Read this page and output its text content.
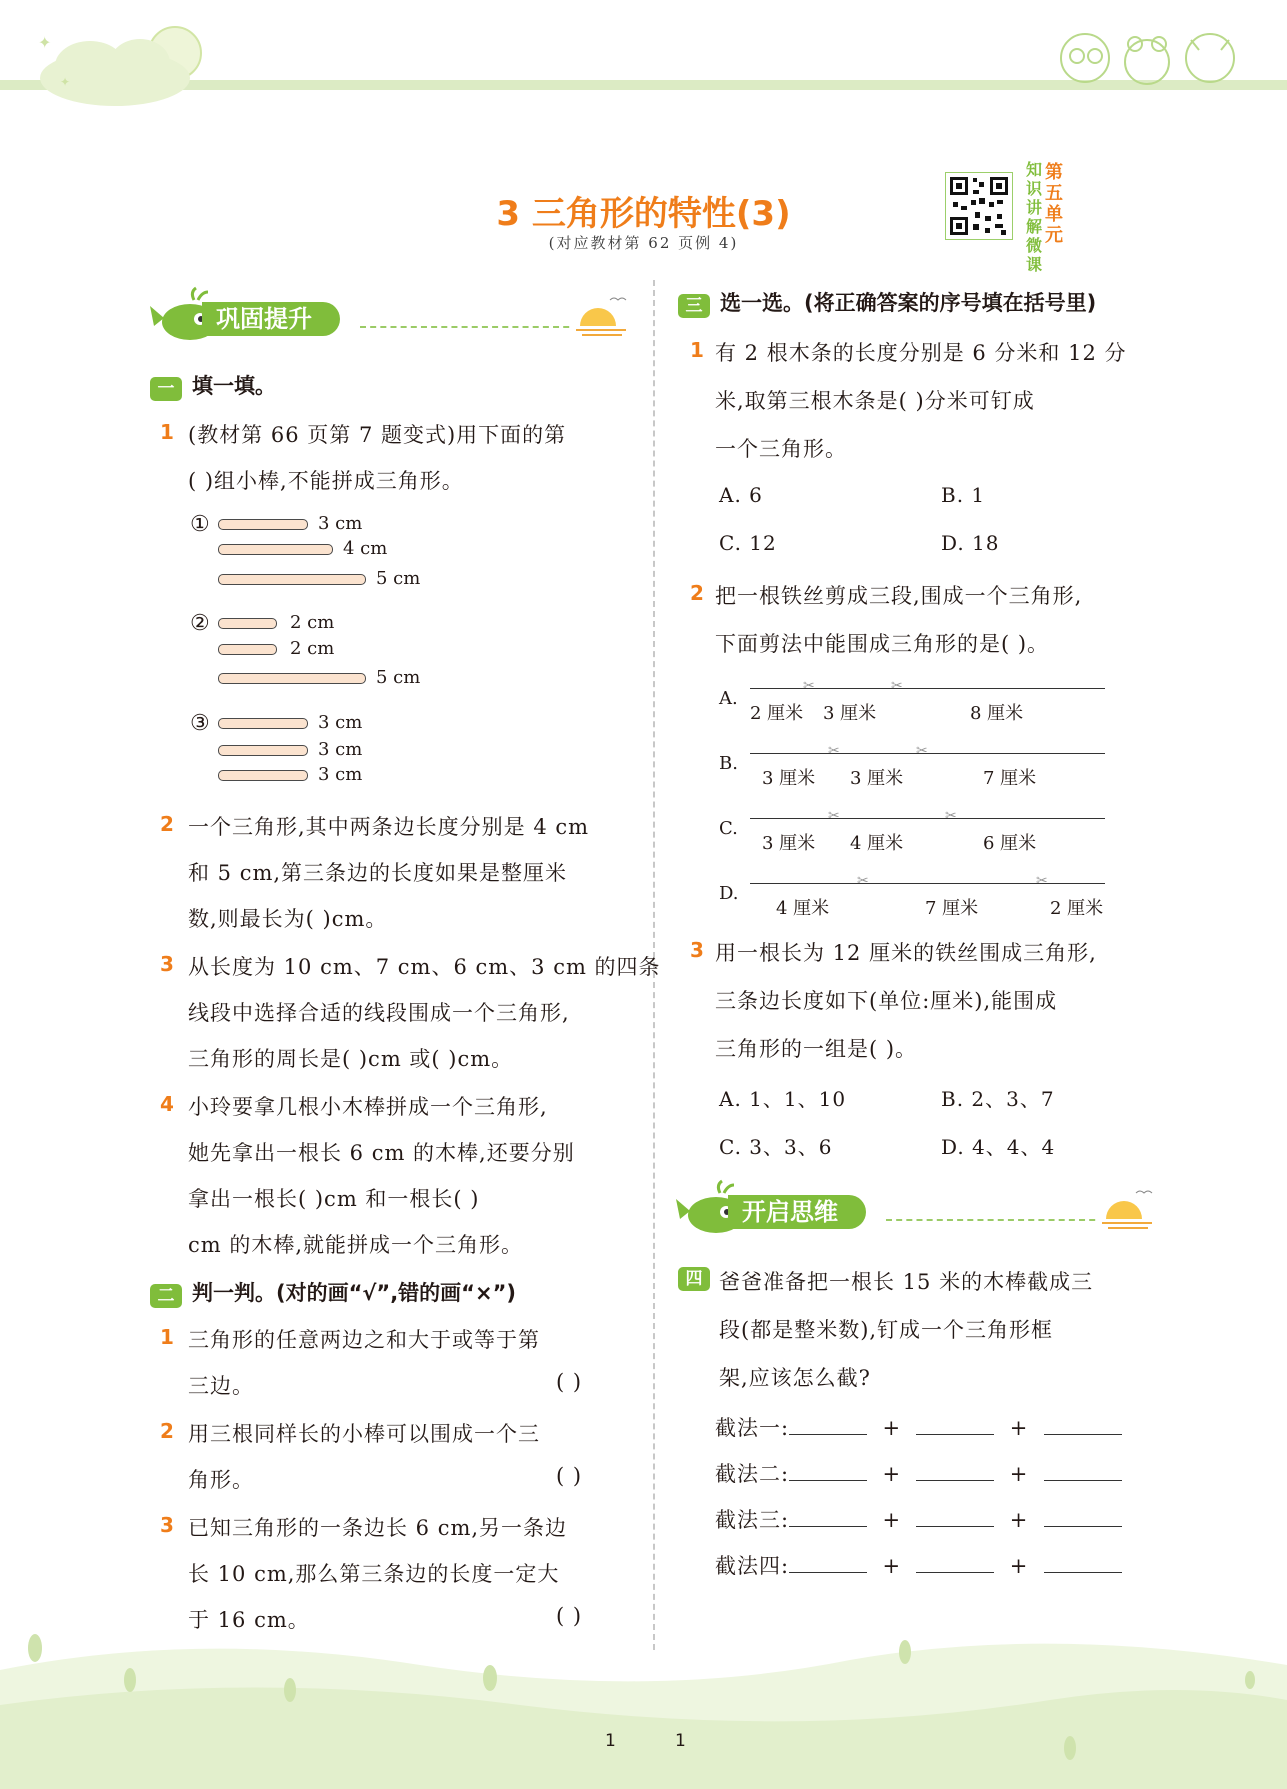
✦
✦
3 三角形的特性(3)
(对应教材第 62 页例 4)
知识讲解微课
第五单元
巩固提升
一 填一填。
1 (教材第 66 页第 7 题变式)用下面的第
( )组小棒,不能拼成三角形。
①	3 cm
4 cm
5 cm
②	2 cm
2 cm
5 cm
③	3 cm
3 cm
3 cm
2 一个三角形,其中两条边长度分别是 4 cm
和 5 cm,第三条边的长度如果是整厘米
数,则最长为( )cm。
3 从长度为 10 cm、7 cm、6 cm、3 cm 的四条
线段中选择合适的线段围成一个三角形,
三角形的周长是( )cm 或( )cm。
4 小玲要拿几根小木棒拼成一个三角形,
她先拿出一根长 6 cm 的木棒,还要分别
拿出一根长( )cm 和一根长( )
cm 的木棒,就能拼成一个三角形。
二 判一判。(对的画“√”,错的画“×”)
1 三角形的任意两边之和大于或等于第
三边。	( )
2 用三根同样长的小棒可以围成一个三
角形。	( )
3 已知三角形的一条边长 6 cm,另一条边
长 10 cm,那么第三条边的长度一定大
于 16 cm。	( )
三 选一选。(将正确答案的序号填在括号里)
1 有 2 根木条的长度分别是 6 分米和 12 分
米,取第三根木条是( )分米可钉成
一个三角形。
A. 6	B. 1
C. 12	D. 18
2 把一根铁丝剪成三段,围成一个三角形,
下面剪法中能围成三角形的是( )。
A.
✂	✂
2 厘米 3 厘米	8 厘米
B.
✂	✂
3 厘米 3 厘米	7 厘米
C.
✂	✂
3 厘米 4 厘米	6 厘米
D.
✂	✂
4 厘米	7 厘米	2 厘米
3 用一根长为 12 厘米的铁丝围成三角形,
三条边长度如下(单位:厘米),能围成
三角形的一组是( )。
A. 1、1、10	B. 2、3、7
C. 3、3、6	D. 4、4、4
开启思维
四 爸爸准备把一根长 15 米的木棒截成三
段(都是整米数),钉成一个三角形框
架,应该怎么截?
截法一:	+	+
截法二:	+	+
截法三:	+	+
截法四:	+	+
1	1
